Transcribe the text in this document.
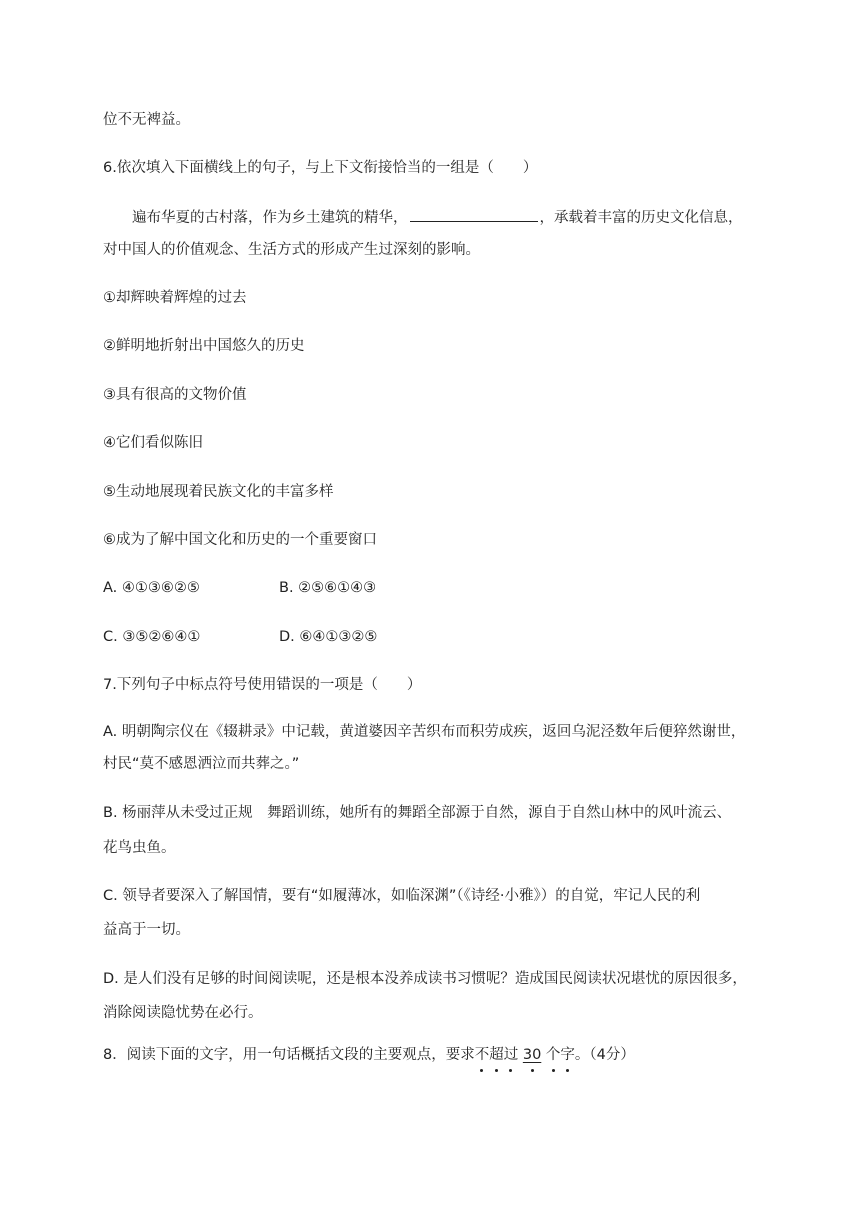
位不无裨益。
6.依次填入下面横线上的句子，与上下文衔接恰当的一组是（　　）
遍布华夏的古村落，作为乡土建筑的精华，	，承载着丰富的历史文化信息，
对中国人的价值观念、生活方式的形成产生过深刻的影响。
①却辉映着辉煌的过去
②鲜明地折射出中国悠久的历史
③具有很高的文物价值
④它们看似陈旧
⑤生动地展现着民族文化的丰富多样
⑥成为了解中国文化和历史的一个重要窗口
A. ④①③⑥②⑤	B. ②⑤⑥①④③
C. ③⑤②⑥④①	D. ⑥④①③②⑤
7.下列句子中标点符号使用错误的一项是（　　）
A. 明朝陶宗仪在《辍耕录》中记载，黄道婆因辛苦织布而积劳成疾，返回乌泥泾数年后便猝然谢世，
村民“莫不感恩洒泣而共葬之。”
B. 杨丽萍从未受过正规　舞蹈训练，她所有的舞蹈全部源于自然，源自于自然山林中的风叶流云、
花鸟虫鱼。
C. 领导者要深入了解国情，要有“如履薄冰，如临深渊”（《诗经·小雅》）的自觉，牢记人民的利
益高于一切。
D. 是人们没有足够的时间阅读呢，还是根本没养成读书习惯呢？造成国民阅读状况堪忧的原因很多，
消除阅读隐忧势在必行。
8．阅读下面的文字，用一句话概括文段的主要观点，要求不超过 30 个字。（4分）
